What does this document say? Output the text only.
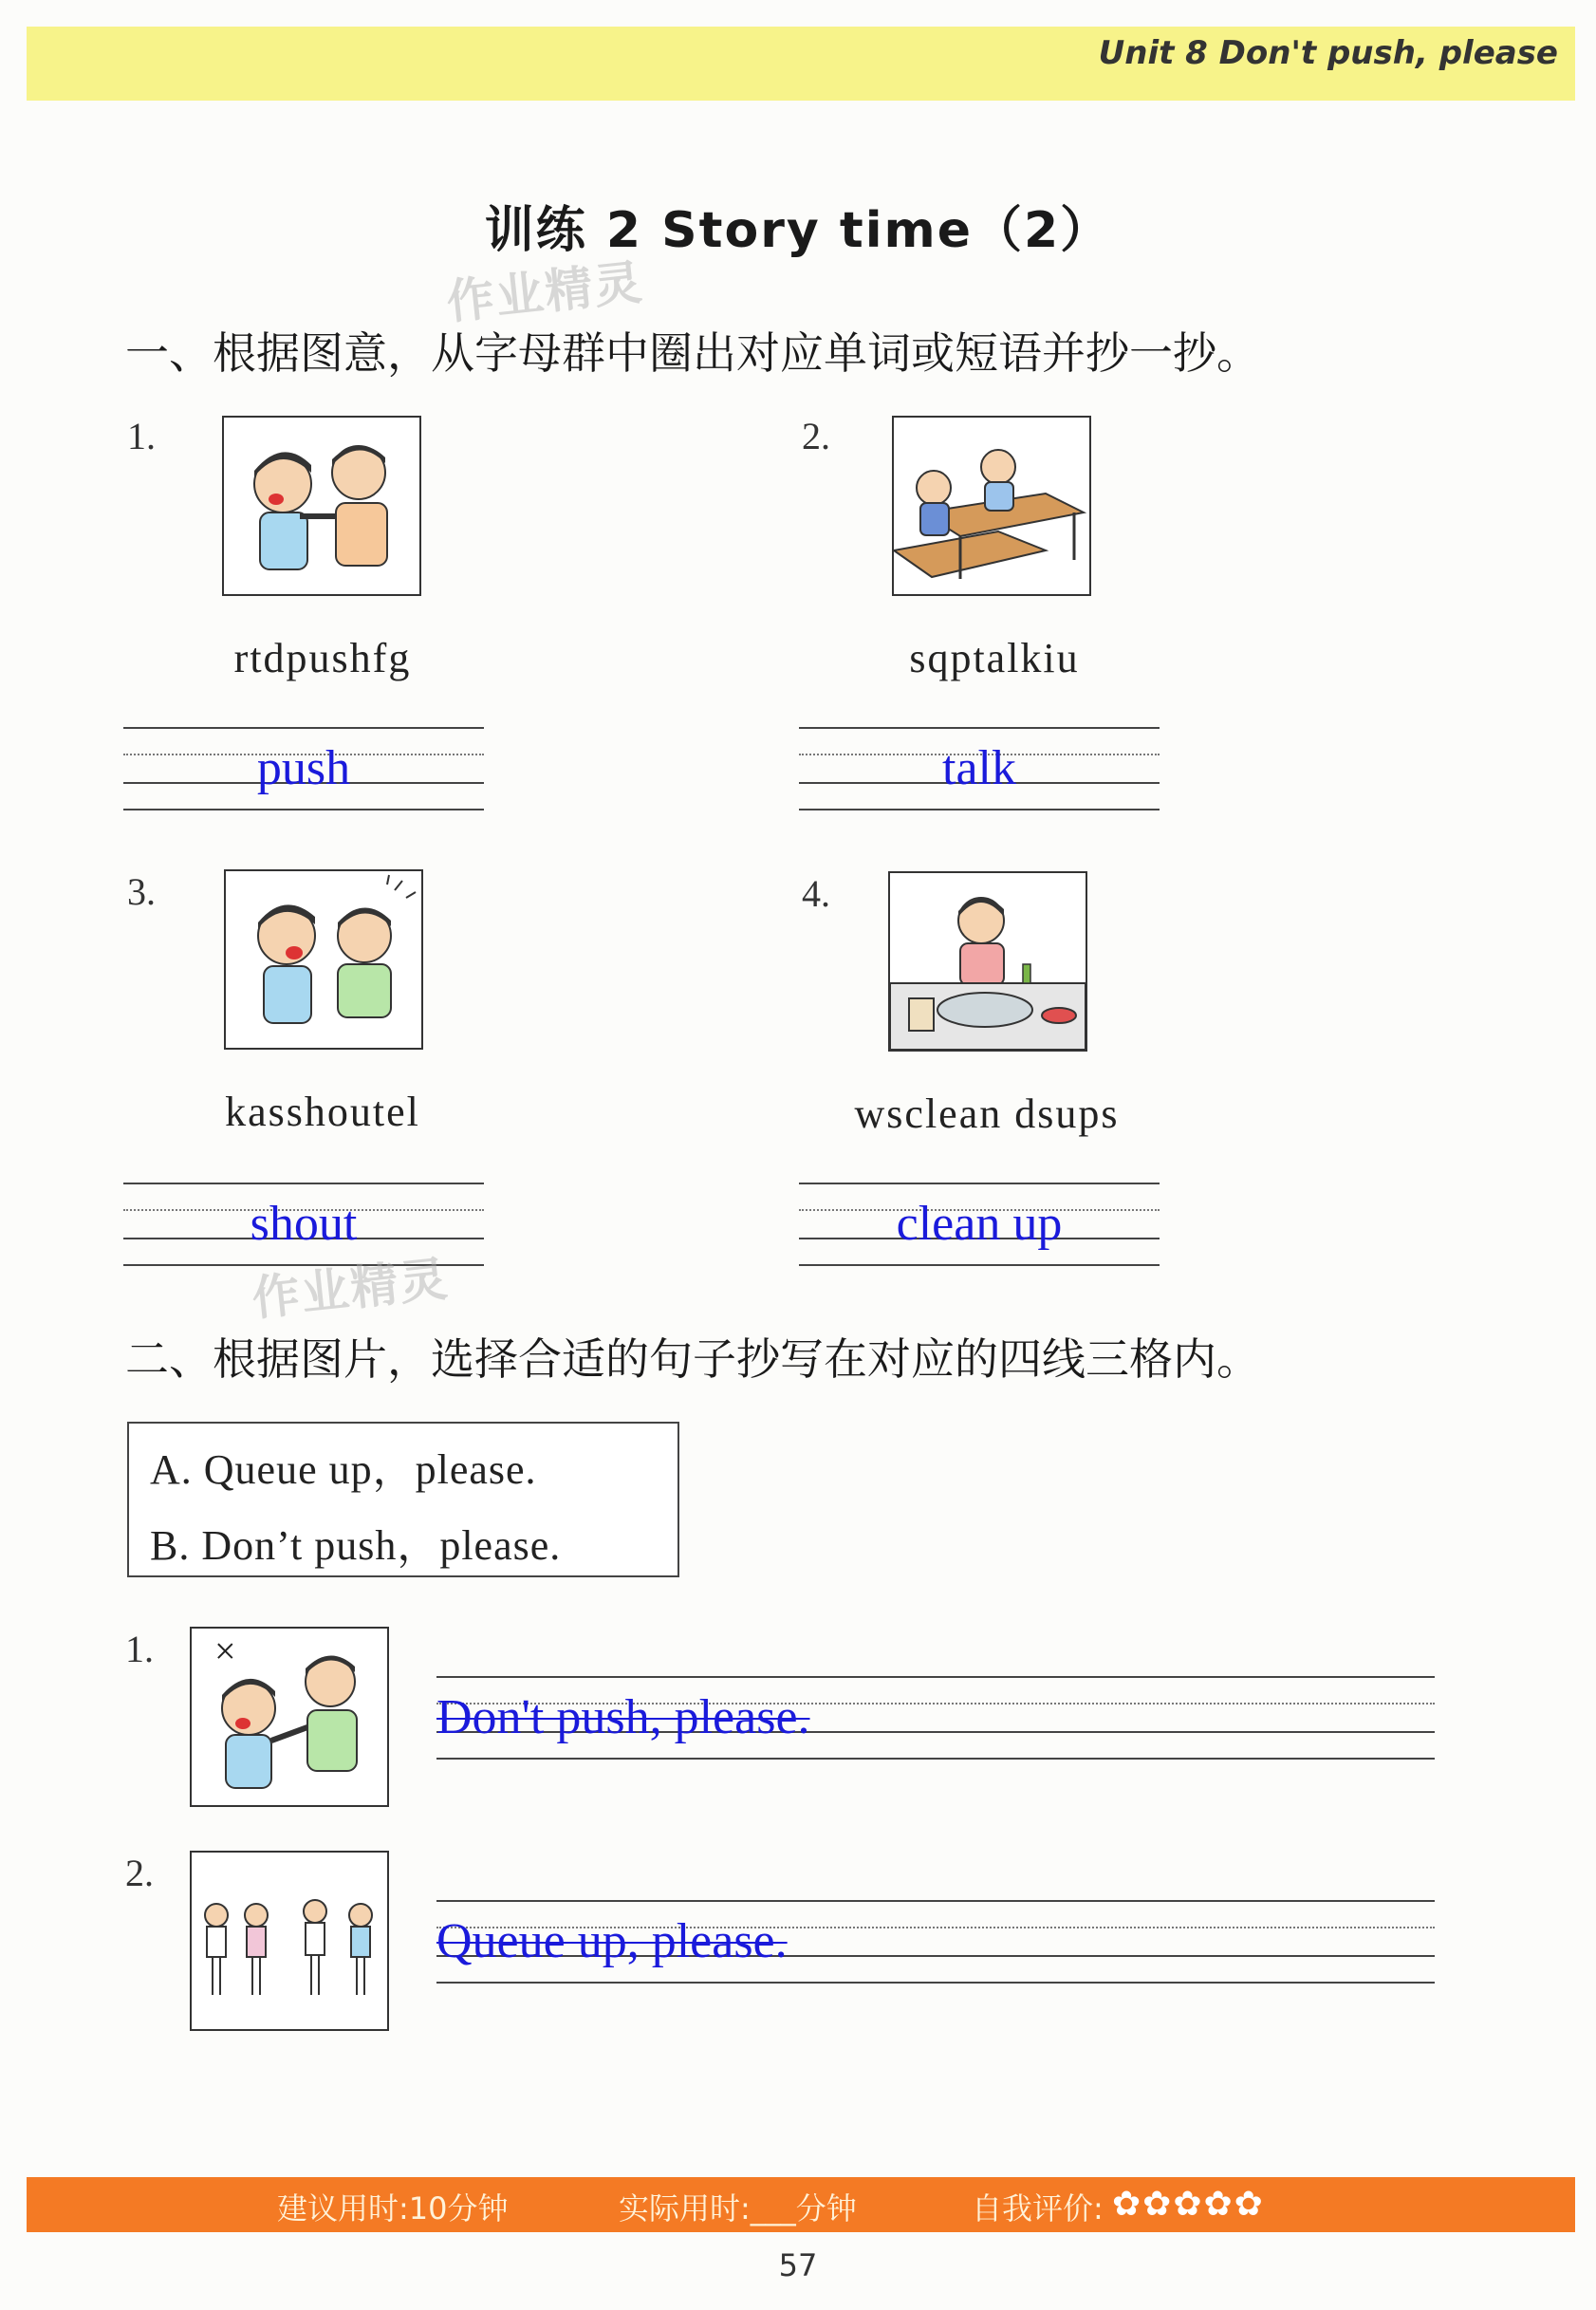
Unit 8 Don't push, please
训练 2 Story time（2）
作业精灵
一、根据图意，从字母群中圈出对应单词或短语并抄一抄。
1.
rtdpushfg
push
2.
sqptalkiu
talk
3.
kasshoutel
shout
4.
wsclean dsups
clean up
作业精灵
二、根据图片，选择合适的句子抄写在对应的四线三格内。
A. Queue up，please.
B. Don’t push，please.
1. ×
Don't push, please.
2.
Queue up, please.
建议用时:10分钟	实际用时:___分钟	自我评价: ✿✿✿✿✿
57
